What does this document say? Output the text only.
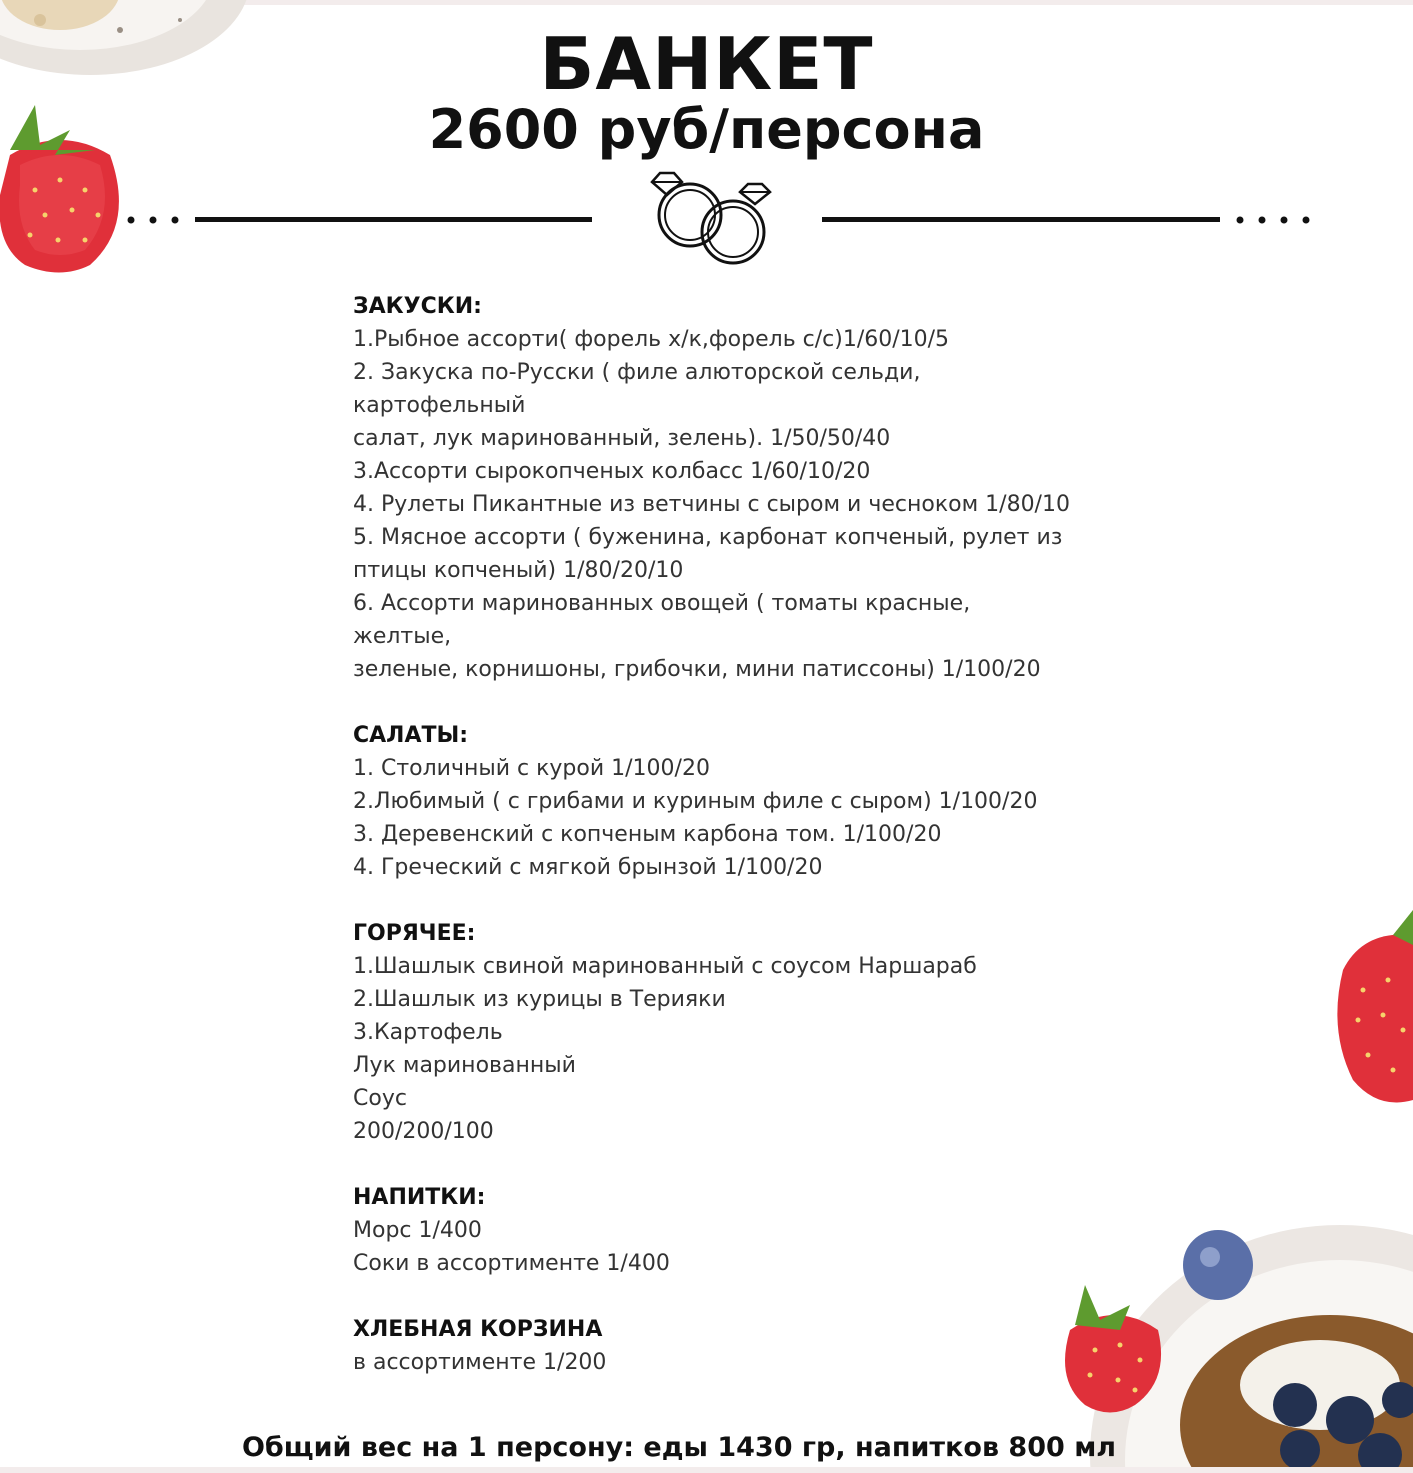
БАНКЕТ
2600 руб/персона
ЗАКУСКИ:
1.Рыбное ассорти( форель х/к,форель с/с)1/60/10/5
2. Закуска по-Русски ( филе алюторской сельди, картофельный
салат, лук маринованный, зелень). 1/50/50/40
3.Ассорти сырокопченых колбасс 1/60/10/20
4. Рулеты Пикантные из ветчины с сыром и чесноком 1/80/10
5. Мясное ассорти ( буженина, карбонат копченый, рулет из
птицы копченый) 1/80/20/10
6. Ассорти маринованных овощей ( томаты красные, желтые,
зеленые, корнишоны, грибочки, мини патиссоны) 1/100/20
САЛАТЫ:
1. Столичный с курой 1/100/20
2.Любимый ( с грибами и куриным филе с сыром) 1/100/20
3. Деревенский с копченым карбона том. 1/100/20
4. Греческий с мягкой брынзой 1/100/20
ГОРЯЧЕЕ:
1.Шашлык свиной маринованный с соусом Наршараб
2.Шашлык из курицы в Терияки
3.Картофель
Лук маринованный
Соус
200/200/100
НАПИТКИ:
Морс 1/400
Соки в ассортименте 1/400
ХЛЕБНАЯ КОРЗИНА
в ассортименте 1/200
Общий вес на 1 персону: еды 1430 гр, напитков 800 мл
